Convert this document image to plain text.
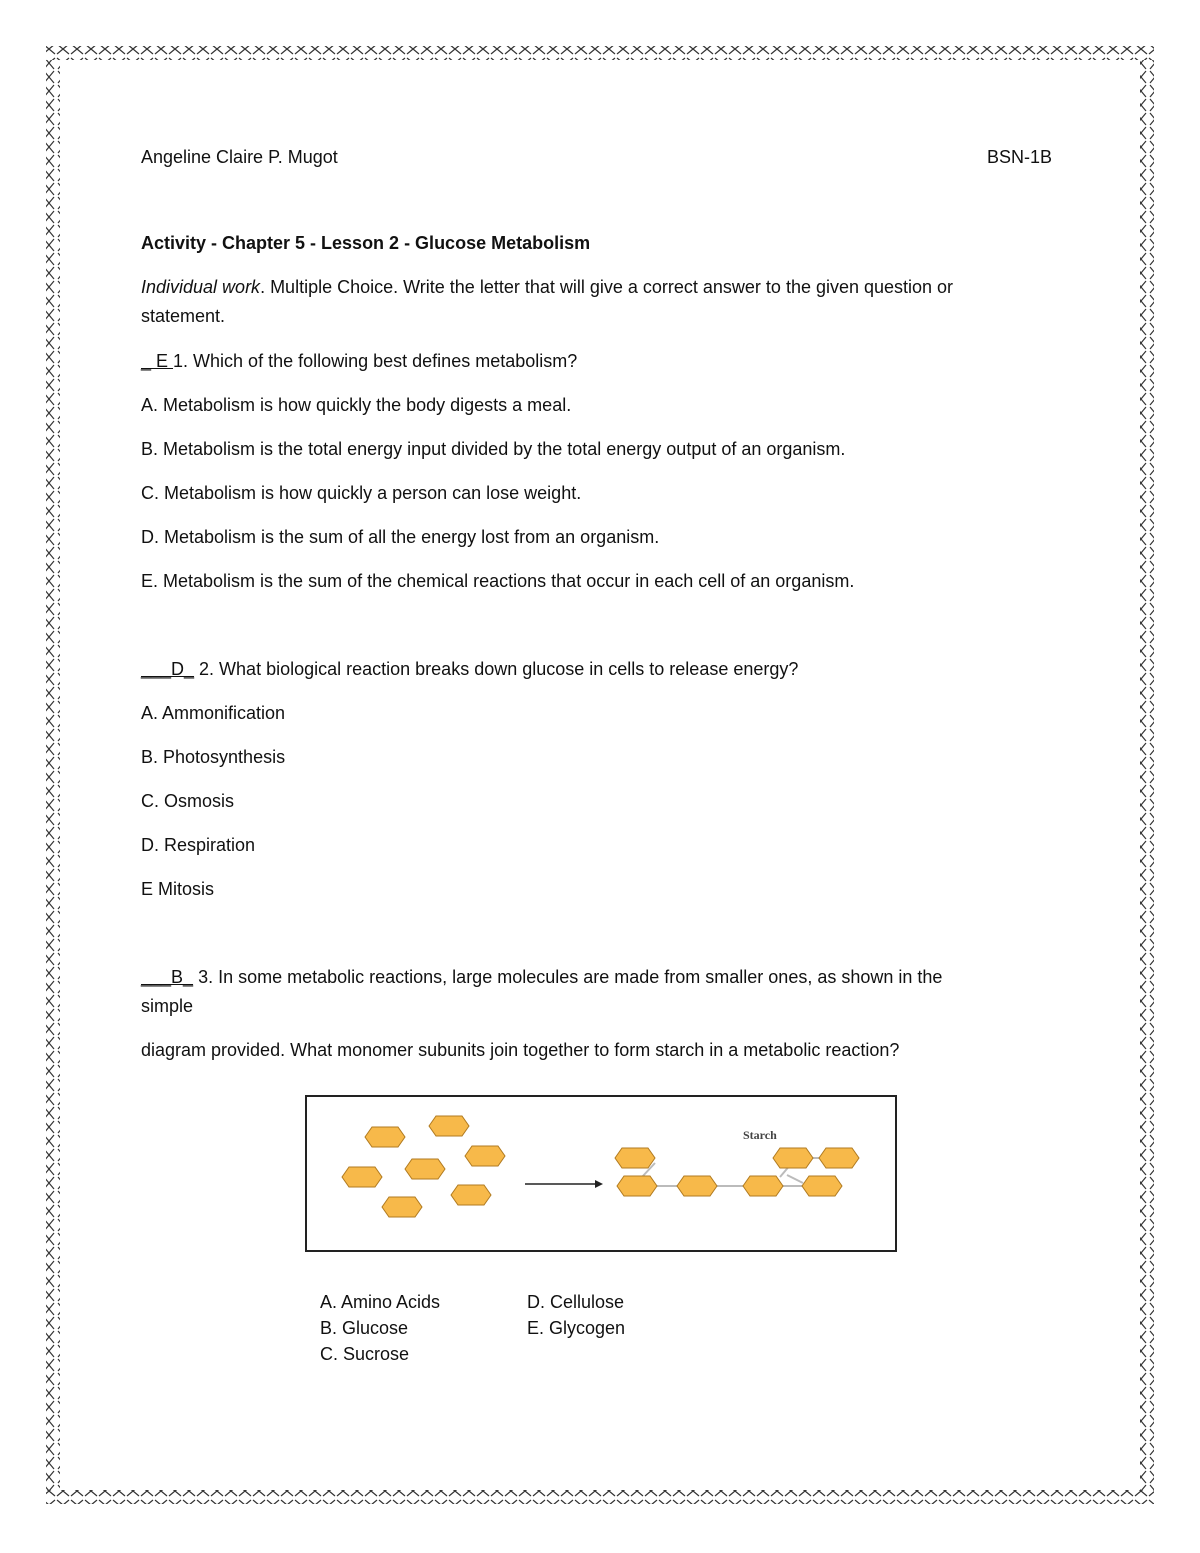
Angeline Claire P. Mugot	BSN-1B
Activity - Chapter 5 - Lesson 2 - Glucose Metabolism
Individual work. Multiple Choice. Write the letter that will give a correct answer to the given question or
statement.
_ E 1. Which of the following best defines metabolism?
A. Metabolism is how quickly the body digests a meal.
B. Metabolism is the total energy input divided by the total energy output of an organism.
C. Metabolism is how quickly a person can lose weight.
D. Metabolism is the sum of all the energy lost from an organism.
E. Metabolism is the sum of the chemical reactions that occur in each cell of an organism.
___D_ 2. What biological reaction breaks down glucose in cells to release energy?
A. Ammonification
B. Photosynthesis
C. Osmosis
D. Respiration
E Mitosis
___B_ 3. In some metabolic reactions, large molecules are made from smaller ones, as shown in the
simple
diagram provided. What monomer subunits join together to form starch in a metabolic reaction?
Starch
A. Amino Acids
B. Glucose
C. Sucrose
D. Cellulose
E. Glycogen
